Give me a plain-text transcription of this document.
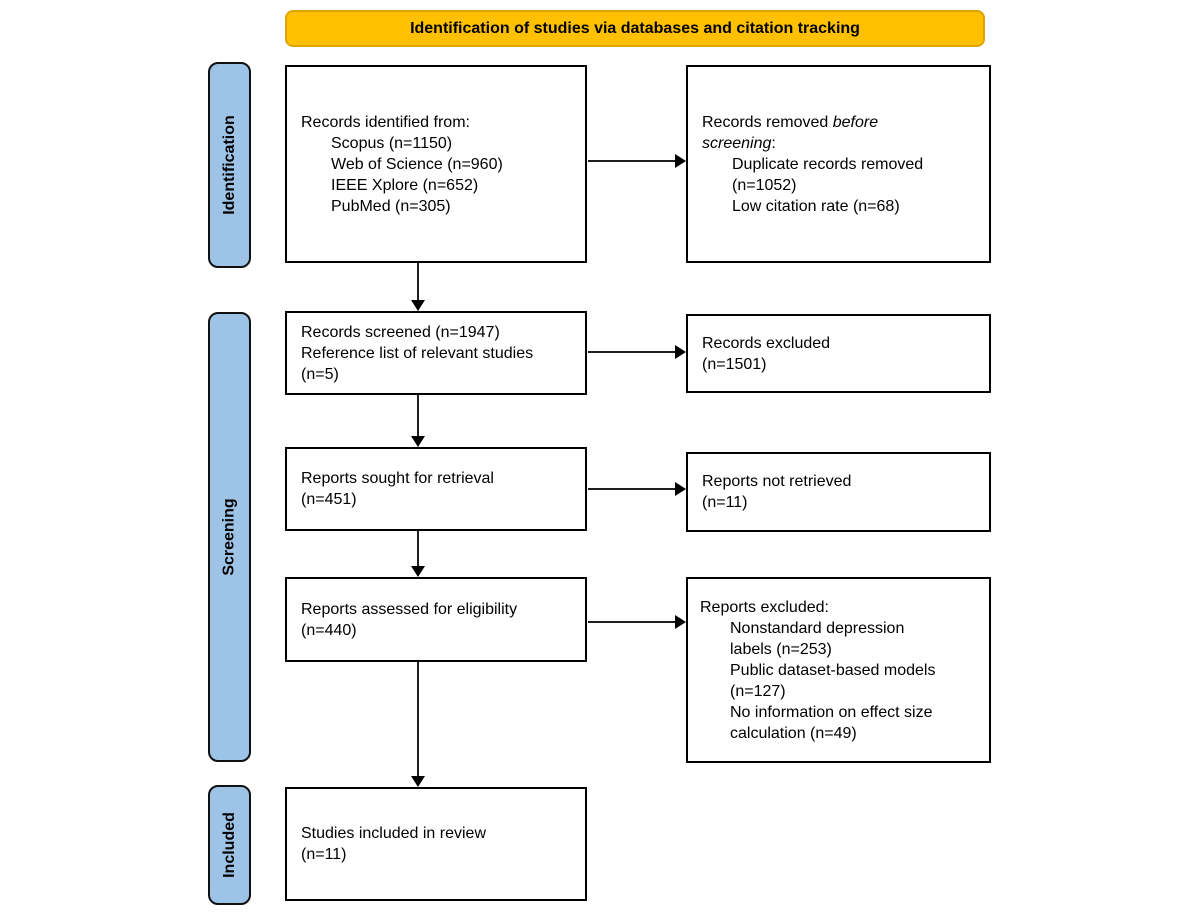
Identification of studies via databases and citation tracking
Identification
Screening
Included
Records identified from:
Scopus (n=1150)
Web of Science (n=960)
IEEE Xplore (n=652)
PubMed (n=305)
Records removed before
screening:
Duplicate records removed
(n=1052)
Low citation rate (n=68)
Records screened (n=1947)
Reference list of relevant studies
(n=5)
Records excluded
(n=1501)
Reports sought for retrieval
(n=451)
Reports not retrieved
(n=11)
Reports assessed for eligibility
(n=440)
Reports excluded:
Nonstandard depression
labels (n=253)
Public dataset-based models
(n=127)
No information on effect size
calculation (n=49)
Studies included in review
(n=11)
